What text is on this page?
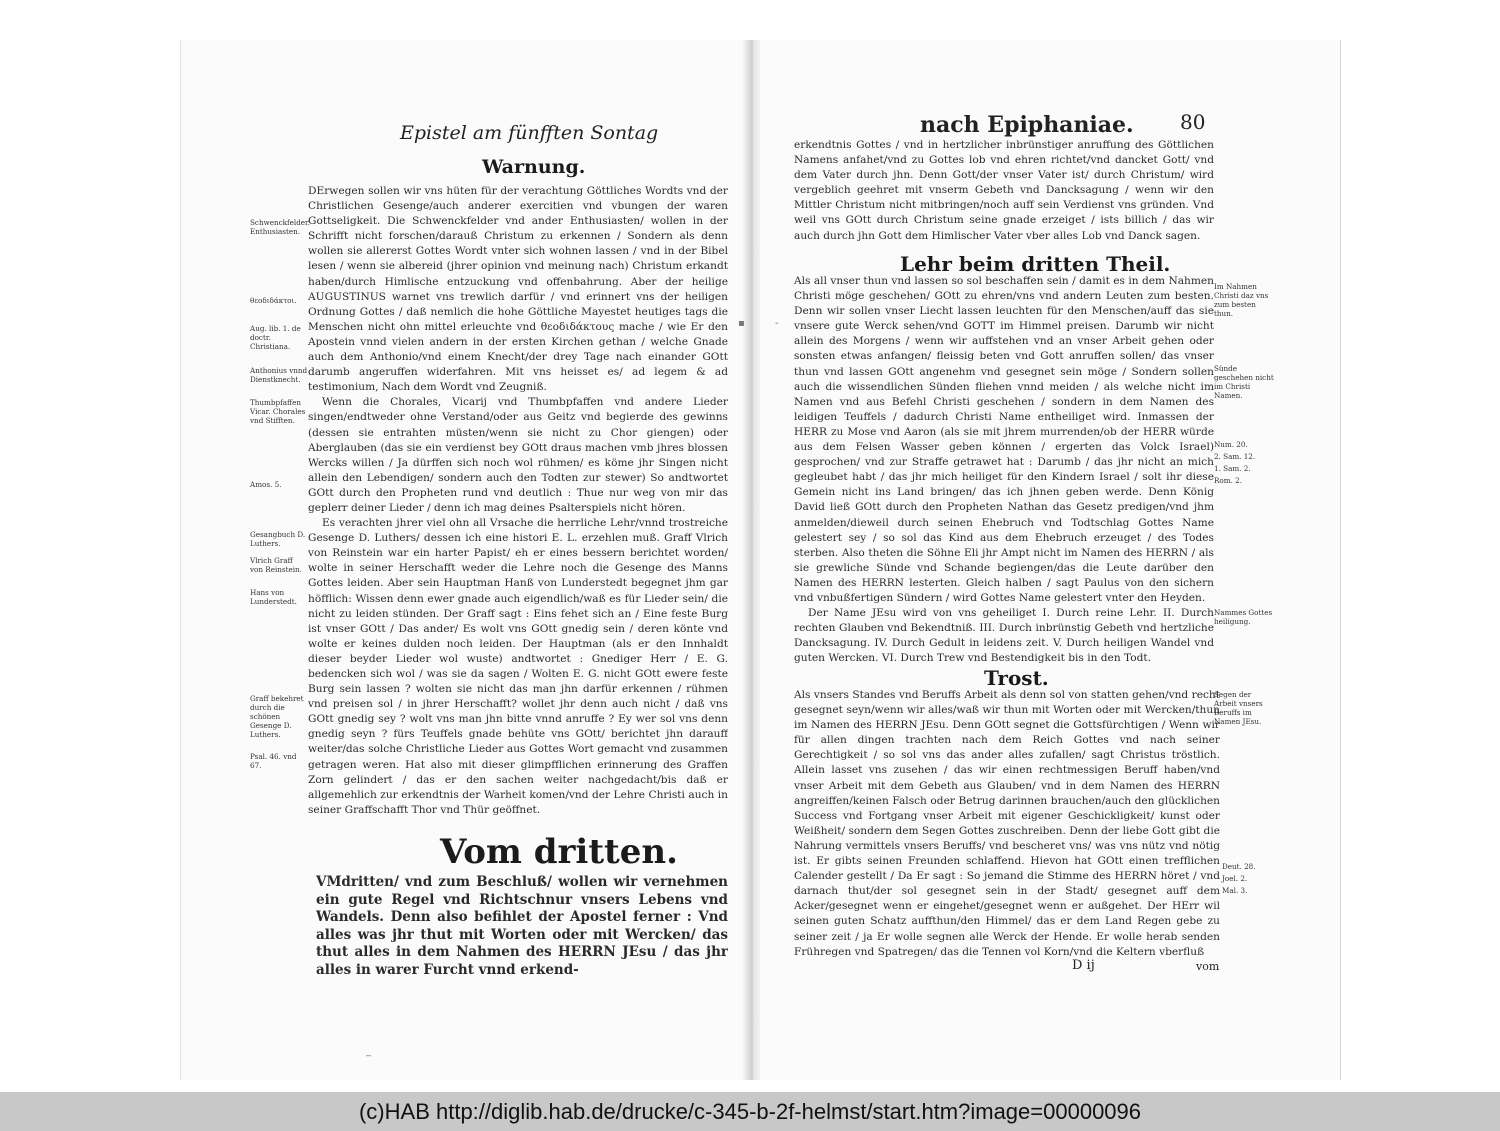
Epistel am fünfften Sontag
Warnung.

DErwegen sollen wir vns hüten für der verachtung Göttliches Wordts vnd der Christlichen Gesenge/auch anderer exercitien vnd vbungen der waren Gottseligkeit. Die Schwenckfelder vnd ander Enthusiasten/ wollen in der Schrifft nicht forschen/darauß Christum zu erkennen / Sondern als denn wollen sie allererst Gottes Wordt vnter sich wohnen lassen / vnd in der Bibel lesen / wenn sie albereid (jhrer opinion vnd meinung nach) Christum erkandt haben/durch Himlische entzuckung vnd offenbahrung. Aber der heilige AUGUSTINUS warnet vns trewlich darfür / vnd erinnert vns der heiligen Ordnung Gottes / daß nemlich die hohe Göttliche Mayestet heutiges tags die Menschen nicht ohn mittel erleuchte vnd θεοδιδάκτους mache / wie Er den Apostein vnnd vielen andern in der ersten Kirchen gethan / welche Gnade auch dem Anthonio/vnd einem Knecht/der drey Tage nach einander GOtt darumb angeruffen widerfahren. Mit vns heisset es/ ad legem & ad testimonium, Nach dem Wordt vnd Zeugniß.

Wenn die Chorales, Vicarij vnd Thumbpfaffen vnd andere Lieder singen/endtweder ohne Verstand/oder aus Geitz vnd begierde des gewinns (dessen sie entrahten müsten/wenn sie nicht zu Chor giengen) oder Aberglauben (das sie ein verdienst bey GOtt draus machen vmb jhres blossen Wercks willen / Ja dürffen sich noch wol rühmen/ es köme jhr Singen nicht allein den Lebendigen/ sondern auch den Todten zur stewer) So andtwortet GOtt durch den Propheten rund vnd deutlich : Thue nur weg von mir das geplerr deiner Lieder / denn ich mag deines Psalterspiels nicht hören.

Es verachten jhrer viel ohn all Vrsache die herrliche Lehr/vnnd trostreiche Gesenge D. Luthers/ dessen ich eine histori E. L. erzehlen muß. Graff Vlrich von Reinstein war ein harter Papist/ eh er eines bessern berichtet worden/ wolte in seiner Herschafft weder die Lehre noch die Gesenge des Manns Gottes leiden. Aber sein Hauptman Hanß von Lunderstedt begegnet jhm gar höfflich: Wissen denn ewer gnade auch eigendlich/waß es für Lieder sein/ die nicht zu leiden stünden. Der Graff sagt : Eins fehet sich an / Eine feste Burg ist vnser GOtt / Das ander/ Es wolt vns GOtt gnedig sein / deren könte vnd wolte er keines dulden noch leiden. Der Hauptman (als er den Innhaldt dieser beyder Lieder wol wuste) andtwortet : Gnediger Herr / E. G. bedencken sich wol / was sie da sagen / Wolten E. G. nicht GOtt ewere feste Burg sein lassen ? wolten sie nicht das man jhn darfür erkennen / rühmen vnd preisen sol / in jhrer Herschafft? wollet jhr denn auch nicht / daß vns GOtt gnedig sey ? wolt vns man jhn bitte vnnd anruffe ? Ey wer sol vns denn gnedig seyn ? fürs Teuffels gnade behüte vns GOtt/ berichtet jhn darauff weiter/das solche Christliche Lieder aus Gottes Wort gemacht vnd zusammen getragen weren. Hat also mit dieser glimpfflichen erinnerung des Graffen Zorn gelindert / das er den sachen weiter nachgedacht/bis daß er allgemehlich zur erkendtnis der Warheit komen/vnd der Lehre Christi auch in seiner Graffschafft Thor vnd Thür geöffnet.

Schwenckfelder. Enthusiasten.
θεοδιδάκτοι.
Aug. lib. 1. de doctr. Christiana.
Anthonius vnnd Dienstknecht.
Thumbpfaffen Vicar. Chorales vnd Stifften.
Amos. 5.
Gesangbuch D. Luthers.
Vlrich Graff von Reinstein.
Hans von Lunderstedt.
Graff bekehret durch die schönen Gesenge D. Luthers.
Psal. 46. vnd 67.
Vom dritten.

VMdritten/ vnd zum Beschluß/ wollen wir vernehmen ein gute Regel vnd Richtschnur vnsers Lebens vnd Wandels. Denn also befihlet der Apostel ferner : Vnd alles was jhr thut mit Worten oder mit Wercken/ das thut alles in dem Nahmen des HERRN JEsu / das jhr alles in warer Furcht vnnd erkend-

_
nach Epiphaniae. 80

erkendtnis Gottes / vnd in hertzlicher inbrünstiger anruffung des Göttlichen Namens anfahet/vnd zu Gottes lob vnd ehren richtet/vnd dancket Gott/ vnd dem Vater durch jhn. Denn Gott/der vnser Vater ist/ durch Christum/ wird vergeblich geehret mit vnserm Gebeth vnd Dancksagung / wenn wir den Mittler Christum nicht mitbringen/noch auff sein Verdienst vns gründen. Vnd weil vns GOtt durch Christum seine gnade erzeiget / ists billich / das wir auch durch jhn Gott dem Himlischer Vater vber alles Lob vnd Danck sagen.

Lehr beim dritten Theil.

Als all vnser thun vnd lassen so sol beschaffen sein / damit es in dem Nahmen Christi möge geschehen/ GOtt zu ehren/vns vnd andern Leuten zum besten. Denn wir sollen vnser Liecht lassen leuchten für den Menschen/auff das sie vnsere gute Werck sehen/vnd GOTT im Himmel preisen. Darumb wir nicht allein des Morgens / wenn wir auffstehen vnd an vnser Arbeit gehen oder sonsten etwas anfangen/ fleissig beten vnd Gott anruffen sollen/ das vnser thun vnd lassen GOtt angenehm vnd gesegnet sein möge / Sondern sollen auch die wissendlichen Sünden fliehen vnnd meiden / als welche nicht im Namen vnd aus Befehl Christi geschehen / sondern in dem Namen des leidigen Teuffels / dadurch Christi Name entheiliget wird. Inmassen der HERR zu Mose vnd Aaron (als sie mit jhrem murrenden/ob der HERR würde aus dem Felsen Wasser geben können / ergerten das Volck Israel) gesprochen/ vnd zur Straffe getrawet hat : Darumb / das jhr nicht an mich gegleubet habt / das jhr mich heiliget für den Kindern Israel / solt ihr diese Gemein nicht ins Land bringen/ das ich jhnen geben werde. Denn König David ließ GOtt durch den Propheten Nathan das Gesetz predigen/vnd jhm anmelden/dieweil durch seinen Ehebruch vnd Todtschlag Gottes Name gelestert sey / so sol das Kind aus dem Ehebruch erzeuget / des Todes sterben. Also theten die Söhne Eli jhr Ampt nicht im Namen des HERRN / als sie grewliche Sünde vnd Schande begiengen/das die Leute darüber den Namen des HERRN lesterten. Gleich halben / sagt Paulus von den sichern vnd vnbußfertigen Sündern / wird Gottes Name gelestert vnter den Heyden.

Der Name JEsu wird von vns geheiliget I. Durch reine Lehr. II. Durch rechten Glauben vnd Bekendtniß. III. Durch inbrünstig Gebeth vnd hertzliche Dancksagung. IV. Durch Gedult in leidens zeit. V. Durch heiligen Wandel vnd guten Wercken. VI. Durch Trew vnd Bestendigkeit bis in den Todt.

Im Nahmen Christi daz vns zum besten thun.
Sünde geschehen nicht im Christi Namen.
Num. 20.
2. Sam. 12.
1. Sam. 2.
Rom. 2.
Nammes Gottes heiligung.
Segen der Arbeit vnsers Beruffs im Namen JEsu.
Deut. 28.
Joel. 2.
Mal. 3.
Trost.

Als vnsers Standes vnd Beruffs Arbeit als denn sol von statten gehen/vnd recht gesegnet seyn/wenn wir alles/waß wir thun mit Worten oder mit Wercken/thun im Namen des HERRN JEsu. Denn GOtt segnet die Gottsfürchtigen / Wenn wir für allen dingen trachten nach dem Reich Gottes vnd nach seiner Gerechtigkeit / so sol vns das ander alles zufallen/ sagt Christus tröstlich. Allein lasset vns zusehen / das wir einen rechtmessigen Beruff haben/vnd vnser Arbeit mit dem Gebeth aus Glauben/ vnd in dem Namen des HERRN angreiffen/keinen Falsch oder Betrug darinnen brauchen/auch den glücklichen Success vnd Fortgang vnser Arbeit mit eigener Geschickligkeit/ kunst oder Weißheit/ sondern dem Segen Gottes zuschreiben. Denn der liebe Gott gibt die Nahrung vermittels vnsers Beruffs/ vnd bescheret vns/ was vns nütz vnd nötig ist. Er gibts seinen Freunden schlaffend. Hievon hat GOtt einen trefflichen Calender gestellt / Da Er sagt : So jemand die Stimme des HERRN höret / vnd darnach thut/der sol gesegnet sein in der Stadt/ gesegnet auff dem Acker/gesegnet wenn er eingehet/gesegnet wenn er außgehet. Der HErr wil seinen guten Schatz auffthun/den Himmel/ das er dem Land Regen gebe zu seiner zeit / ja Er wolle segnen alle Werck der Hende. Er wolle herab senden Frühregen vnd Spatregen/ das die Tennen vol Korn/vnd die Keltern vberfluß

D ij	vom
▪	-
(c)HAB http://diglib.hab.de/drucke/c-345-b-2f-helmst/start.htm?image=00000096
